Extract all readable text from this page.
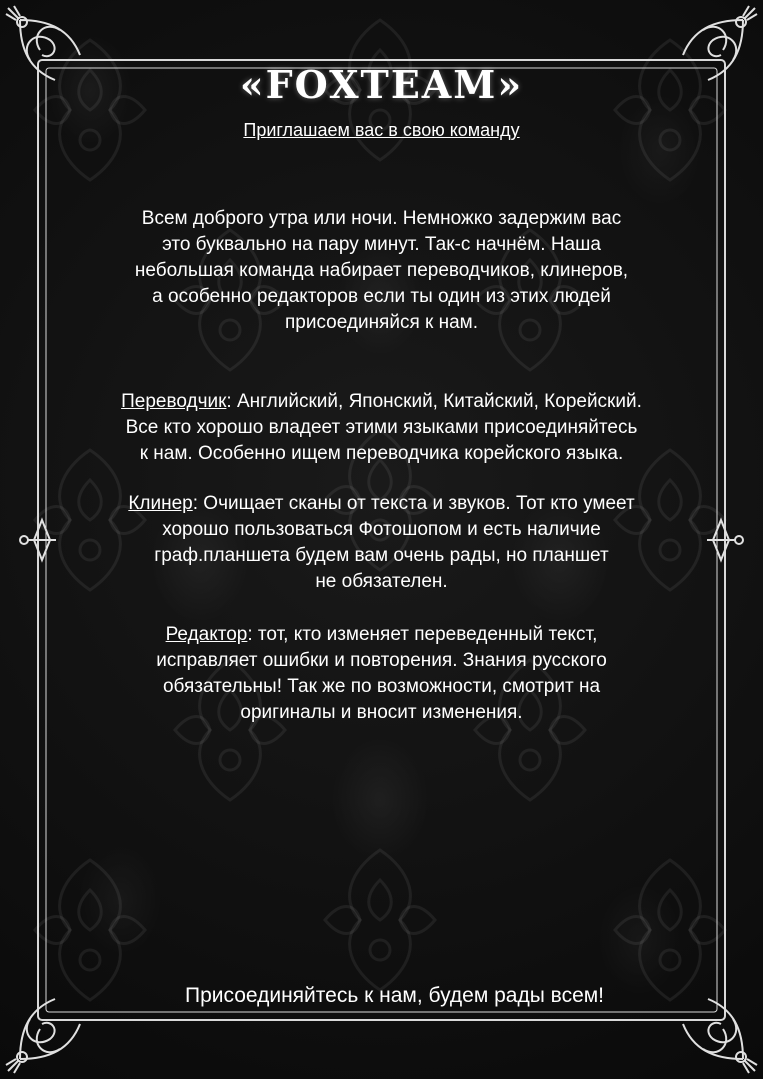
«FOXTEAM»
Приглашаем вас в свою команду
Всем доброго утра или ночи. Немножко задержим вас
это буквально на пару минут. Так-с начнём. Наша
небольшая команда набирает переводчиков, клинеров,
а особенно редакторов если ты один из этих людей
присоединяйся к нам.
Переводчик: Английский, Японский, Китайский, Корейский.
Все кто хорошо владеет этими языками присоединяйтесь
к нам. Особенно ищем переводчика корейского языка.
Клинер: Очищает сканы от текста и звуков. Тот кто умеет
хорошо пользоваться Фотошопом и есть наличие
граф.планшета будем вам очень рады, но планшет
не обязателен.
Редактор: тот, кто изменяет переведенный текст,
исправляет ошибки и повторения. Знания русского
обязательны! Так же по возможности, смотрит на
оригиналы и вносит изменения.
Присоединяйтесь к нам, будем рады всем!
